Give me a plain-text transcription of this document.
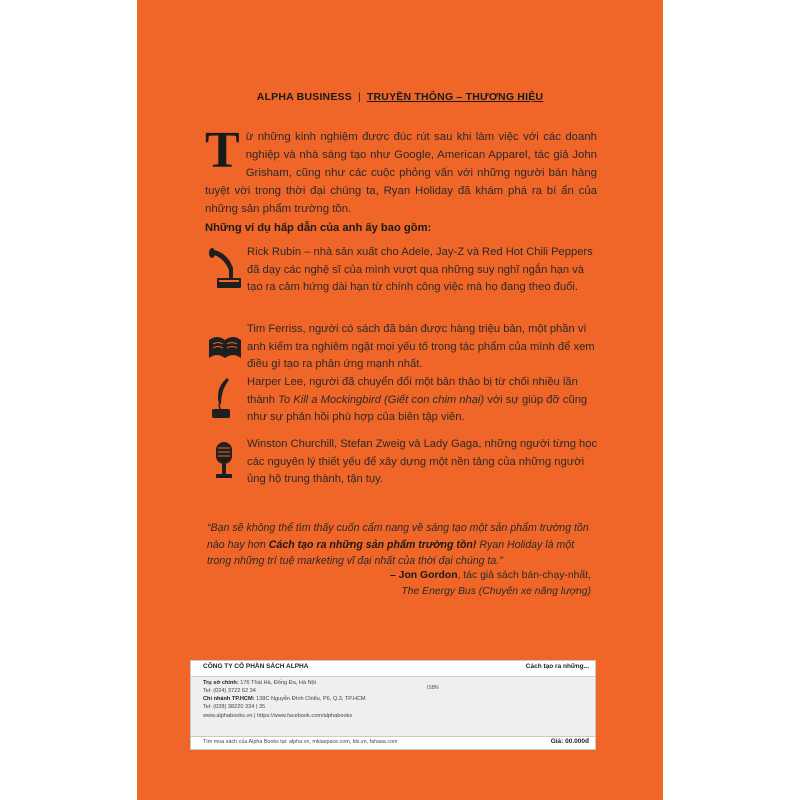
ALPHA BUSINESS | TRUYỀN THÔNG – THƯƠNG HIỆU
Từ những kinh nghiệm được đúc rút sau khi làm việc với các doanh nghiệp và nhà sáng tạo như Google, American Apparel, tác giả John Grisham, cũng như các cuộc phỏng vấn với những người bán hàng tuyệt vời trong thời đại chúng ta, Ryan Holiday đã khám phá ra bí ẩn của những sản phẩm trường tồn.
Những ví dụ hấp dẫn của anh ấy bao gồm:
Rick Rubin – nhà sản xuất cho Adele, Jay-Z và Red Hot Chili Peppers đã dạy các nghệ sĩ của mình vượt qua những suy nghĩ ngắn hạn và tạo ra cảm hứng dài hạn từ chính công việc mà họ đang theo đuổi.
Tim Ferriss, người có sách đã bán được hàng triệu bản, một phần vì anh kiểm tra nghiêm ngặt mọi yếu tố trong tác phẩm của mình để xem điều gì tạo ra phản ứng mạnh nhất.
Harper Lee, người đã chuyển đổi một bản thảo bị từ chối nhiều lần thành To Kill a Mockingbird (Giết con chim nhại) với sự giúp đỡ cũng như sự phản hồi phù hợp của biên tập viên.
Winston Churchill, Stefan Zweig và Lady Gaga, những người từng học các nguyên lý thiết yếu để xây dựng một nền tảng của những người ủng hộ trung thành, tận tụy.
“Bạn sẽ không thể tìm thấy cuốn cẩm nang về sáng tạo một sản phẩm trường tồn nào hay hơn Cách tạo ra những sản phẩm trường tồn! Ryan Holiday là một trong những trí tuệ marketing vĩ đại nhất của thời đại chúng ta.”
– Jon Gordon, tác giả sách bán-chạy-nhất,
The Energy Bus (Chuyến xe năng lượng)
CÔNG TY CỔ PHẦN SÁCH ALPHA	Cách tạo ra những...
Trụ sở chính: 176 Thái Hà, Đống Đa, Hà Nội
Tel: (024) 3722 62 34
Chi nhánh TP.HCM: 138C Nguyễn Đình Chiểu, P6, Q.3, TP.HCM
Tel: (028) 38220 334 | 35
www.alphabooks.vn | https://www.facebook.com/alphabooks
ISBN
Tìm mua sách của Alpha Books tại: alpha.vn, mkiaspace.com, tiki.vn, fahasa.com	Giá: 00.000đ
